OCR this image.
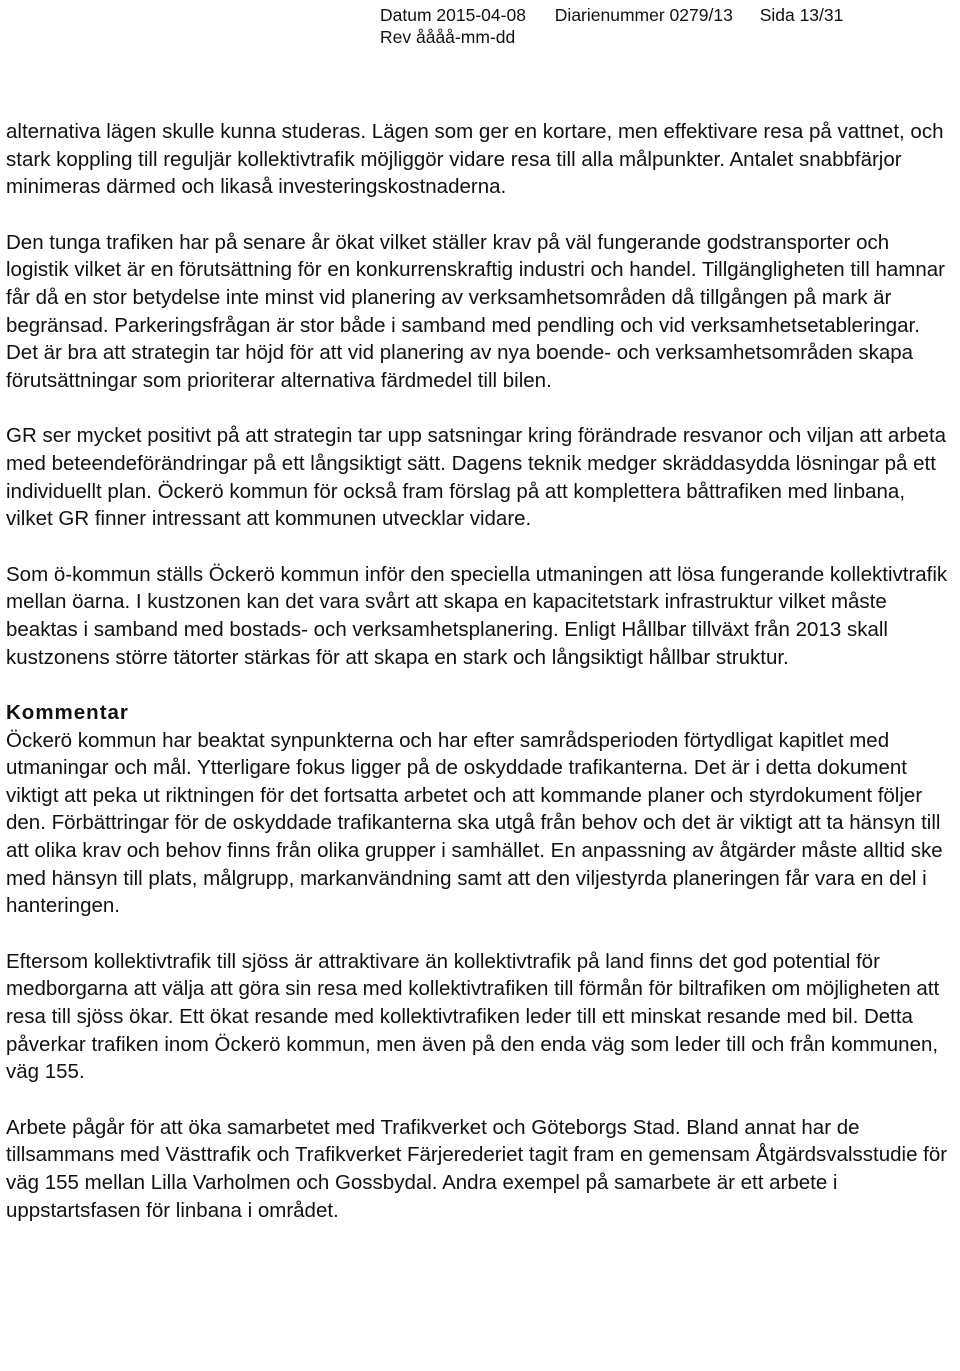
Datum 2015-04-08 Diarienummer 0279/13 Sida 13/31
Rev åååå-mm-dd

alternativa lägen skulle kunna studeras. Lägen som ger en kortare, men effektivare resa på vattnet, och stark koppling till reguljär kollektivtrafik möjliggör vidare resa till alla målpunkter. Antalet snabbfärjor minimeras därmed och likaså investeringskostnaderna.

Den tunga trafiken har på senare år ökat vilket ställer krav på väl fungerande godstransporter och logistik vilket är en förutsättning för en konkurrenskraftig industri och handel. Tillgängligheten till hamnar får då en stor betydelse inte minst vid planering av verksamhetsområden då tillgången på mark är begränsad. Parkeringsfrågan är stor både i samband med pendling och vid verksamhetsetableringar. Det är bra att strategin tar höjd för att vid planering av nya boende- och verksamhetsområden skapa förutsättningar som prioriterar alternativa färdmedel till bilen.

GR ser mycket positivt på att strategin tar upp satsningar kring förändrade resvanor och viljan att arbeta med beteendeförändringar på ett långsiktigt sätt. Dagens teknik medger skräddasydda lösningar på ett individuellt plan. Öckerö kommun för också fram förslag på att komplettera båttrafiken med linbana, vilket GR finner intressant att kommunen utvecklar vidare.

Som ö-kommun ställs Öckerö kommun inför den speciella utmaningen att lösa fungerande kollektivtrafik mellan öarna. I kustzonen kan det vara svårt att skapa en kapacitetstark infrastruktur vilket måste beaktas i samband med bostads- och verksamhetsplanering. Enligt Hållbar tillväxt från 2013 skall kustzonens större tätorter stärkas för att skapa en stark och långsiktigt hållbar struktur.

Kommentar

Öckerö kommun har beaktat synpunkterna och har efter samrådsperioden förtydligat kapitlet med utmaningar och mål. Ytterligare fokus ligger på de oskyddade trafikanterna. Det är i detta dokument viktigt att peka ut riktningen för det fortsatta arbetet och att kommande planer och styrdokument följer den. Förbättringar för de oskyddade trafikanterna ska utgå från behov och det är viktigt att ta hänsyn till att olika krav och behov finns från olika grupper i samhället. En anpassning av åtgärder måste alltid ske med hänsyn till plats, målgrupp, markanvändning samt att den viljestyrda planeringen får vara en del i hanteringen.

Eftersom kollektivtrafik till sjöss är attraktivare än kollektivtrafik på land finns det god potential för medborgarna att välja att göra sin resa med kollektivtrafiken till förmån för biltrafiken om möjligheten att resa till sjöss ökar. Ett ökat resande med kollektivtrafiken leder till ett minskat resande med bil. Detta påverkar trafiken inom Öckerö kommun, men även på den enda väg som leder till och från kommunen, väg 155.

Arbete pågår för att öka samarbetet med Trafikverket och Göteborgs Stad. Bland annat har de tillsammans med Västtrafik och Trafikverket Färjerederiet tagit fram en gemensam Åtgärdsvalsstudie för väg 155 mellan Lilla Varholmen och Gossbydal. Andra exempel på samarbete är ett arbete i uppstartsfasen för linbana i området.
